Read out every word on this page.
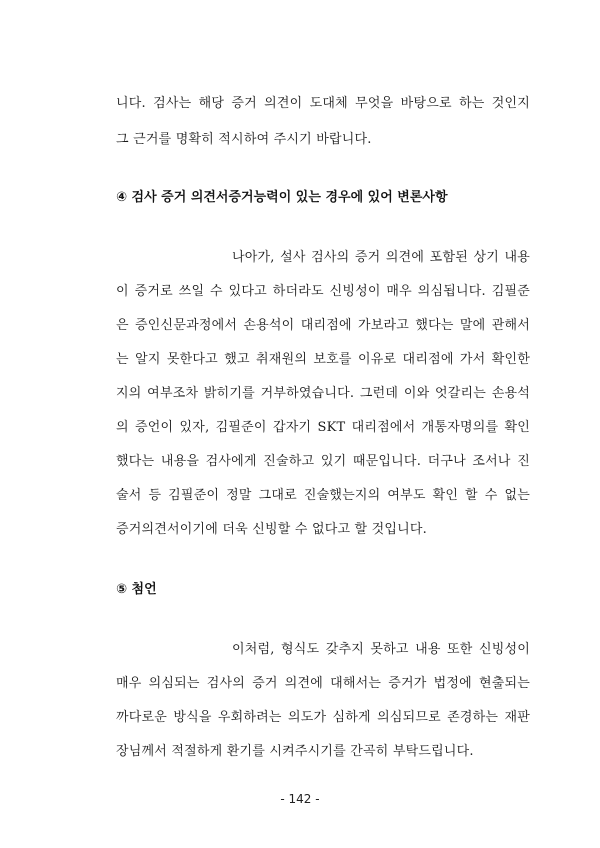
니다. 검사는 해당 증거 의견이 도대체 무엇을 바탕으로 하는 것인지
그 근거를 명확히 적시하여 주시기 바랍니다.
④ 검사 증거 의견서증거능력이 있는 경우에 있어 변론사항
나아가, 설사 검사의 증거 의견에 포함된 상기 내용
이 증거로 쓰일 수 있다고 하더라도 신빙성이 매우 의심됩니다. 김필준
은 증인신문과정에서 손용석이 대리점에 가보라고 했다는 말에 관해서
는 알지 못한다고 했고 취재원의 보호를 이유로 대리점에 가서 확인한
지의 여부조차 밝히기를 거부하였습니다. 그런데 이와 엇갈리는 손용석
의 증언이 있자, 김필준이 갑자기 SKT 대리점에서 개통자명의를 확인
했다는 내용을 검사에게 진술하고 있기 때문입니다. 더구나 조서나 진
술서 등 김필준이 정말 그대로 진술했는지의 여부도 확인 할 수 없는
증거의견서이기에 더욱 신빙할 수 없다고 할 것입니다.
⑤ 첨언
이처럼, 형식도 갖추지 못하고 내용 또한 신빙성이
매우 의심되는 검사의 증거 의견에 대해서는 증거가 법정에 현출되는
까다로운 방식을 우회하려는 의도가 심하게 의심되므로 존경하는 재판
장님께서 적절하게 환기를 시켜주시기를 간곡히 부탁드립니다.
- 142 -
